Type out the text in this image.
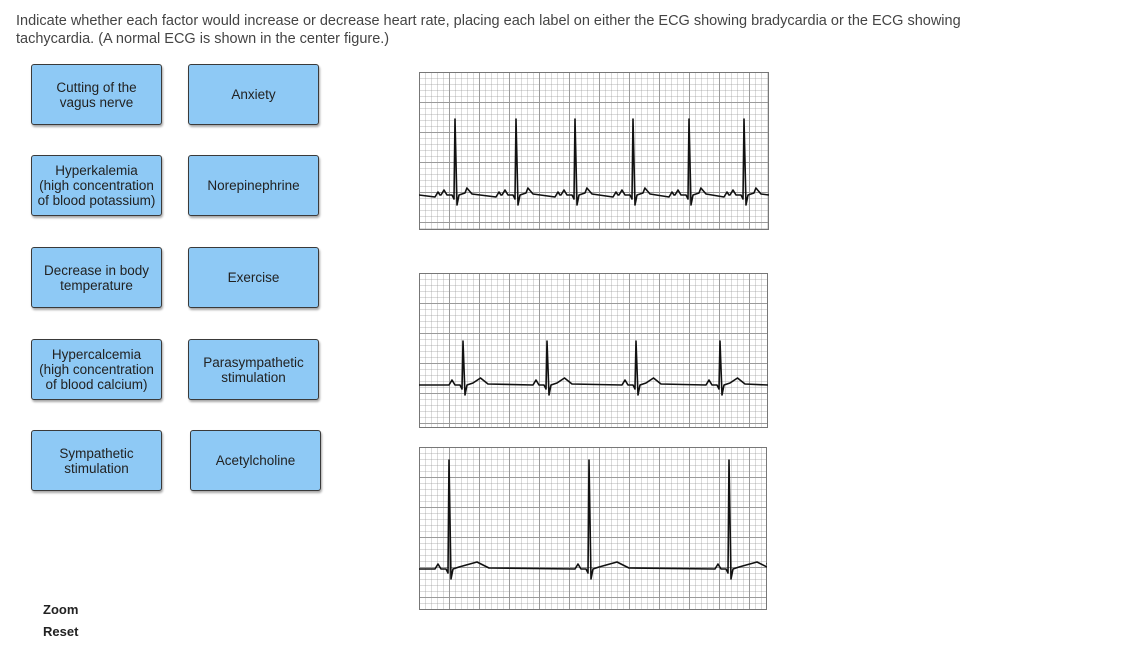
Indicate whether each factor would increase or decrease heart rate, placing each label on either the ECG showing bradycardia or the ECG showing tachycardia. (A normal ECG is shown in the center figure.)

Cutting of the
vagus nerve	Anxiety
Hyperkalemia
(high concentration
of blood potassium)
Norepinephrine
Decrease in body
temperature	Exercise
Hypercalcemia
(high concentration
of blood calcium)
Parasympathetic
stimulation
Sympathetic
stimulation	Acetylcholine
Zoom
Reset
